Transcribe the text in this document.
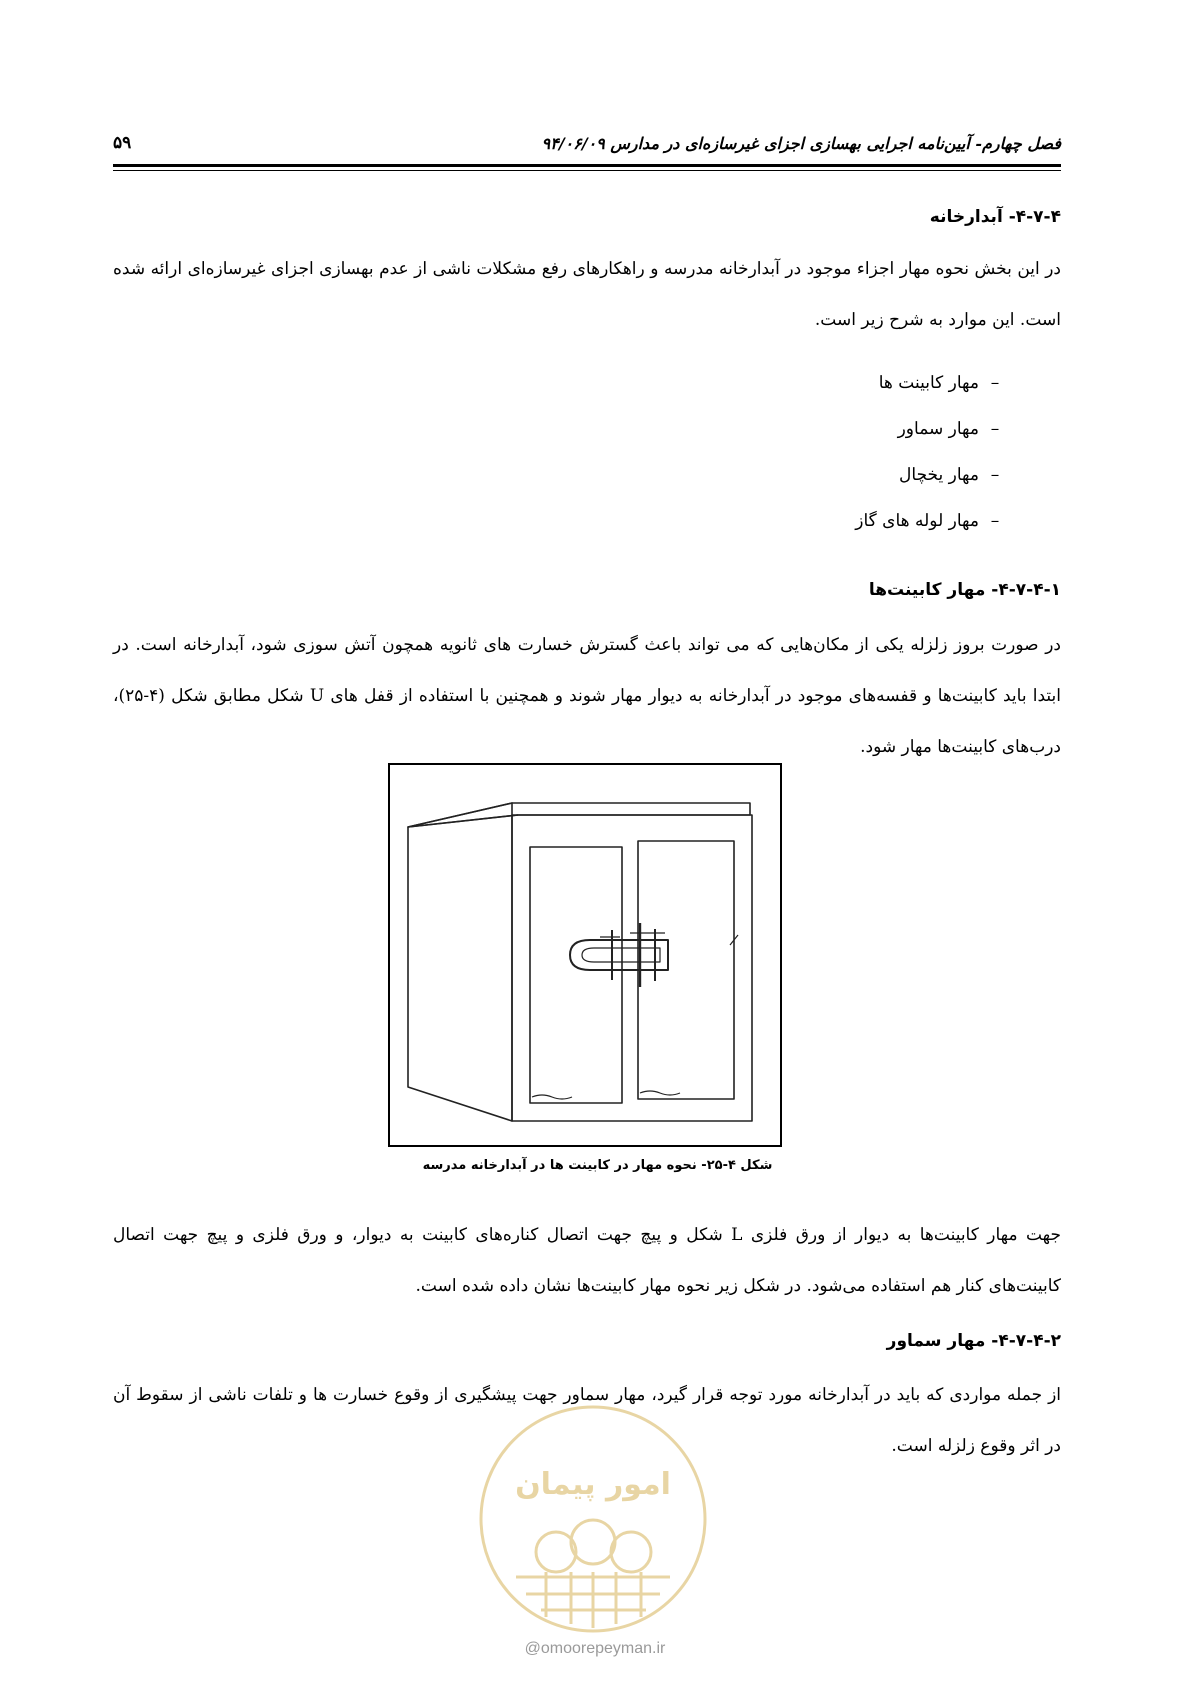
فصل چهارم- آیین‌نامه اجرایی بهسازی اجزای غیرسازه‌ای در مدارس ۹۴/۰۶/۰۹
۵۹
۴-۷-۴- آبدارخانه
در این بخش نحوه مهار اجزاء موجود در آبدارخانه مدرسه و راهکارهای رفع مشکلات ناشی از عدم بهسازی اجزای غیرسازه‌ای ارائه شده است. این موارد به شرح زیر است.
–مهار کابینت ها
–مهار سماور
–مهار یخچال
–مهار لوله های گاز
۴-۷-۴-۱- مهار کابینت‌ها
در صورت بروز زلزله یکی از مکان‌هایی که می تواند باعث گسترش خسارت های ثانویه همچون آتش سوزی شود، آبدارخانه است. در ابتدا باید کابینت‌ها و قفسه‌های موجود در آبدارخانه به دیوار مهار شوند و همچنین با استفاده از قفل های U شکل مطابق شکل (۴-۲۵)، درب‌های کابینت‌ها مهار شود.
شکل ۴-۲۵- نحوه مهار در کابینت ها در آبدارخانه مدرسه
جهت مهار کابینت‌ها به دیوار از ورق فلزی L شکل و پیچ جهت اتصال کناره‌های کابینت به دیوار، و ورق فلزی و پیچ جهت اتصال کابینت‌های کنار هم استفاده می‌شود. در شکل زیر نحوه مهار کابینت‌ها نشان داده شده است.
۴-۷-۴-۲- مهار سماور
از جمله مواردی که باید در آبدارخانه مورد توجه قرار گیرد، مهار سماور جهت پیشگیری از وقوع خسارت ها و تلفات ناشی از سقوط آن در اثر وقوع زلزله است.
امور پیمان
@omoorepeyman.ir
